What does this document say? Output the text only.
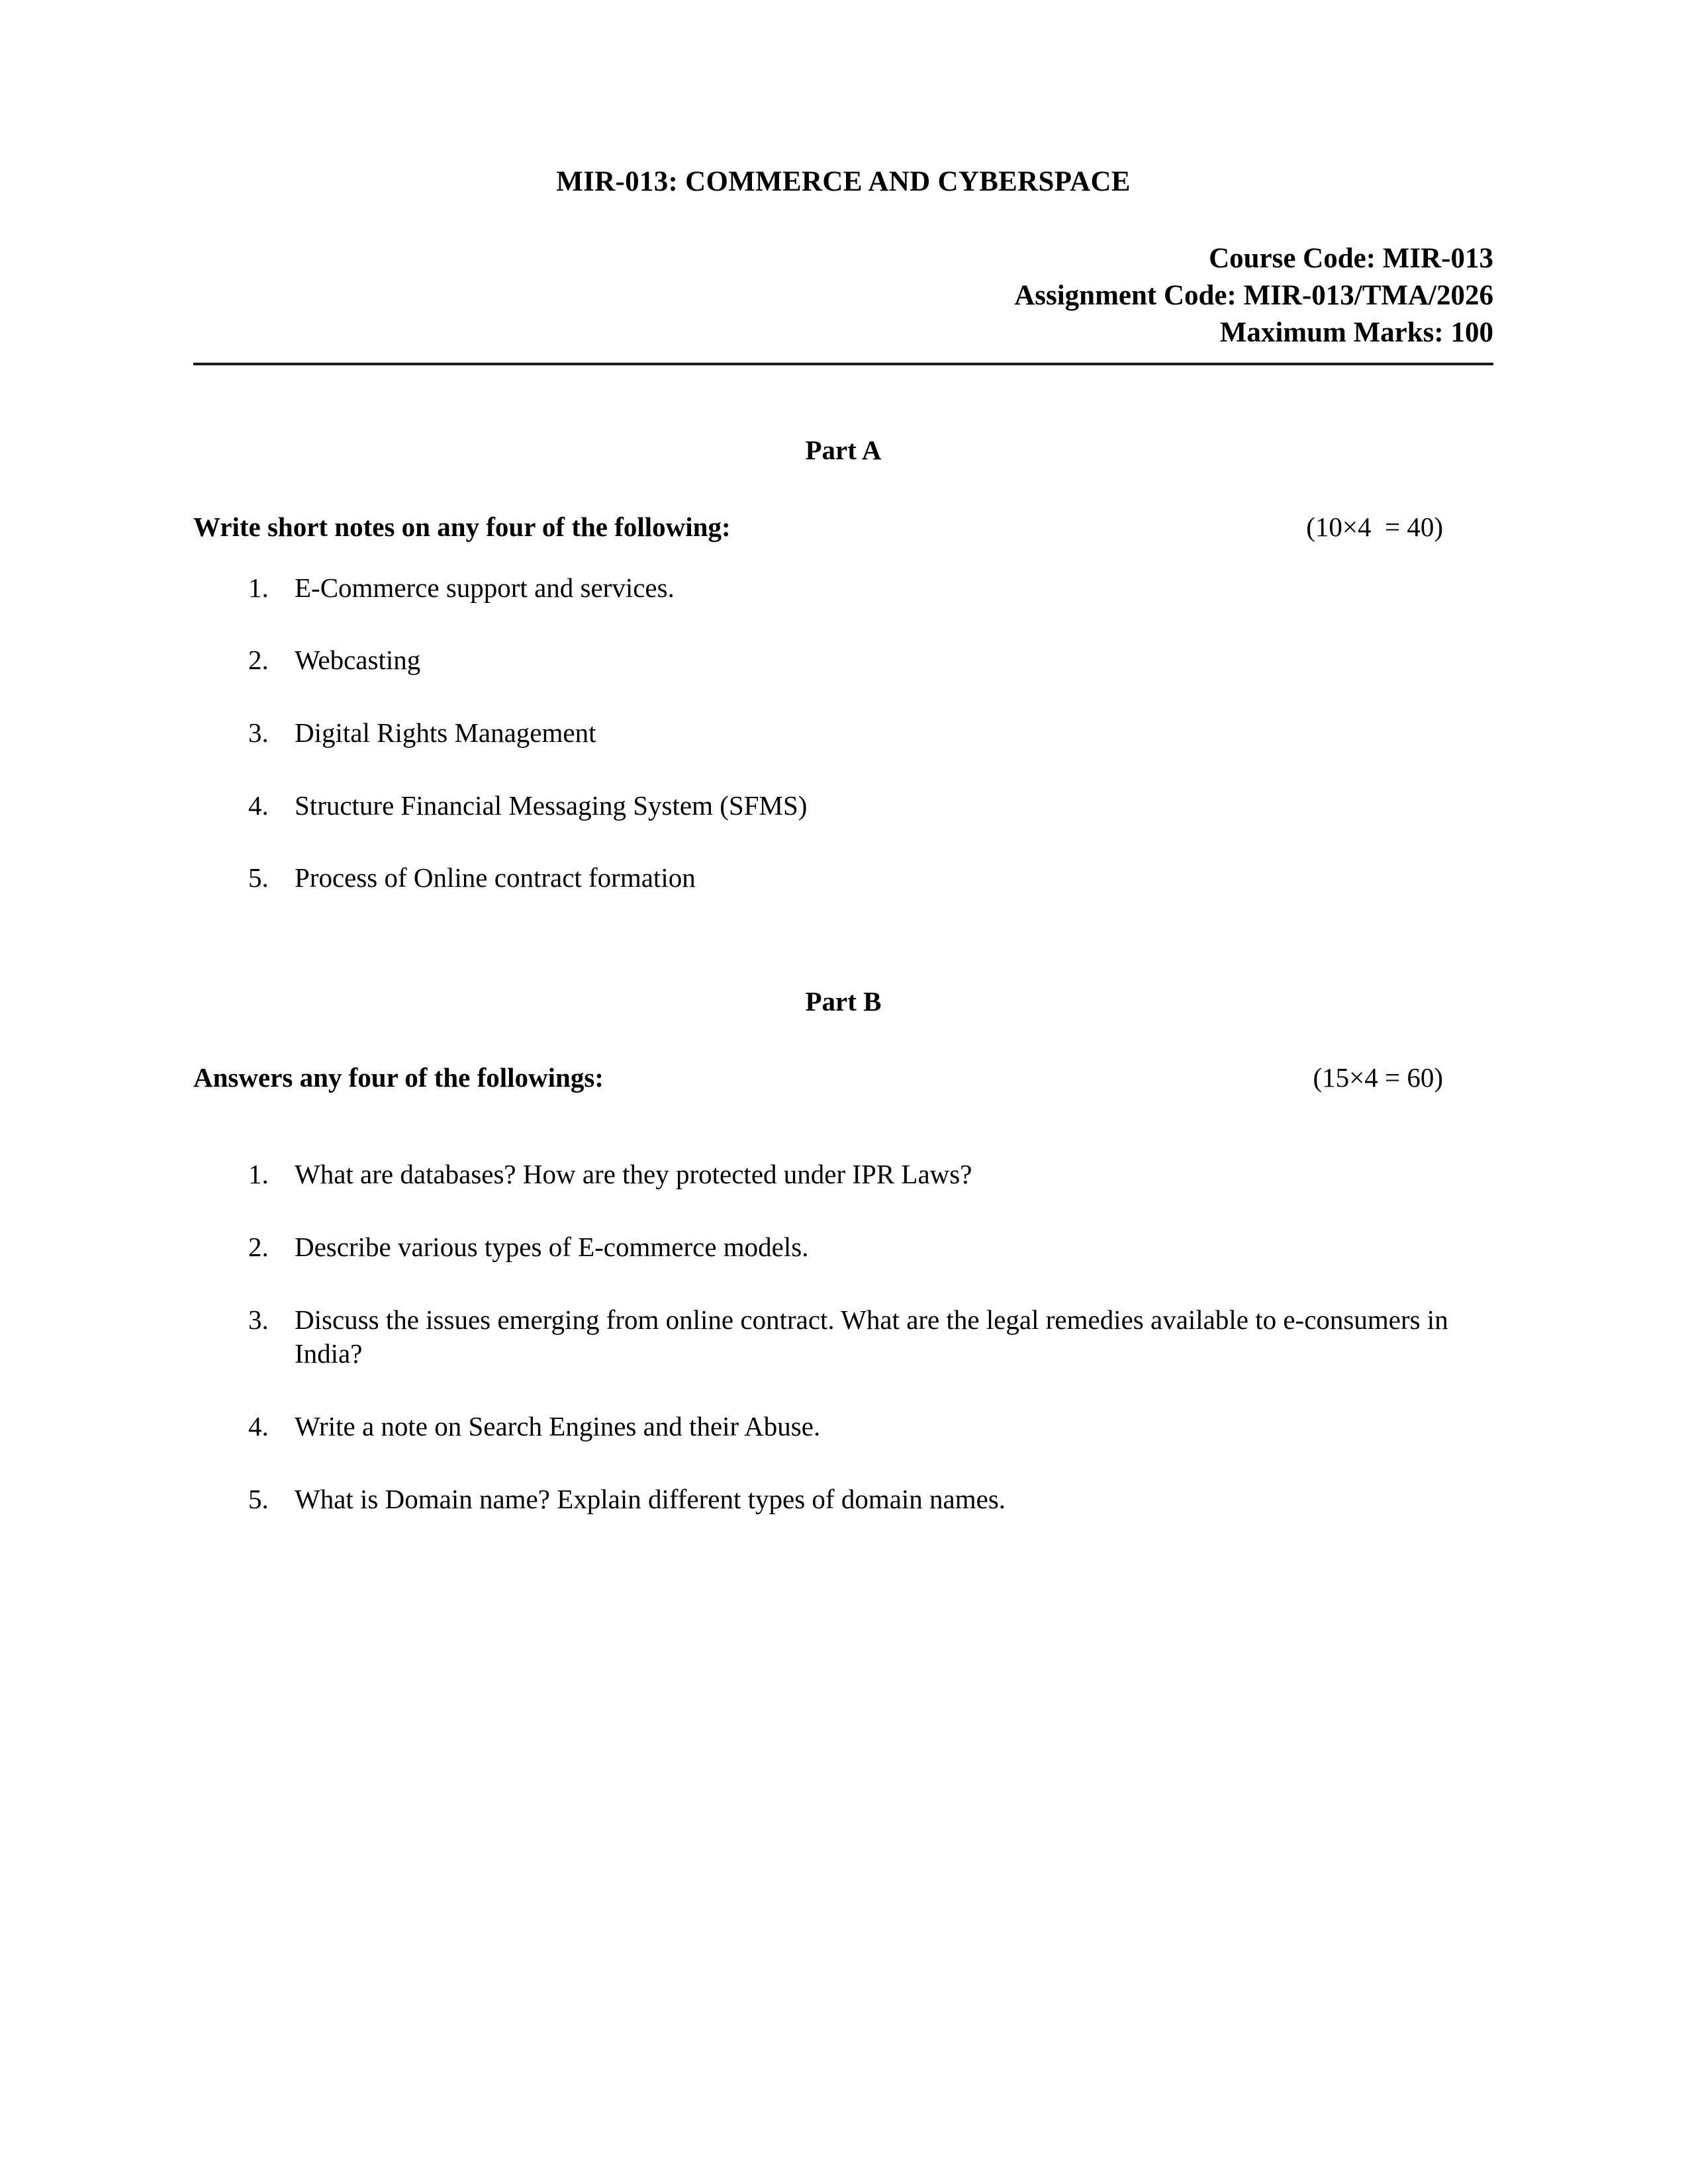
MIR-013: COMMERCE AND CYBERSPACE
Course Code: MIR-013
Assignment Code: MIR-013/TMA/2026
Maximum Marks: 100
Part A
Write short notes on any four of the following:	(10×4  = 40)
1. E-Commerce support and services.
2. Webcasting
3. Digital Rights Management
4. Structure Financial Messaging System (SFMS)
5. Process of Online contract formation
Part B
Answers any four of the followings:	(15×4 = 60)
1. What are databases? How are they protected under IPR Laws?
2. Describe various types of E-commerce models.
3. Discuss the issues emerging from online contract. What are the legal remedies available to e-consumers in India?
4. Write a note on Search Engines and their Abuse.
5. What is Domain name? Explain different types of domain names.
